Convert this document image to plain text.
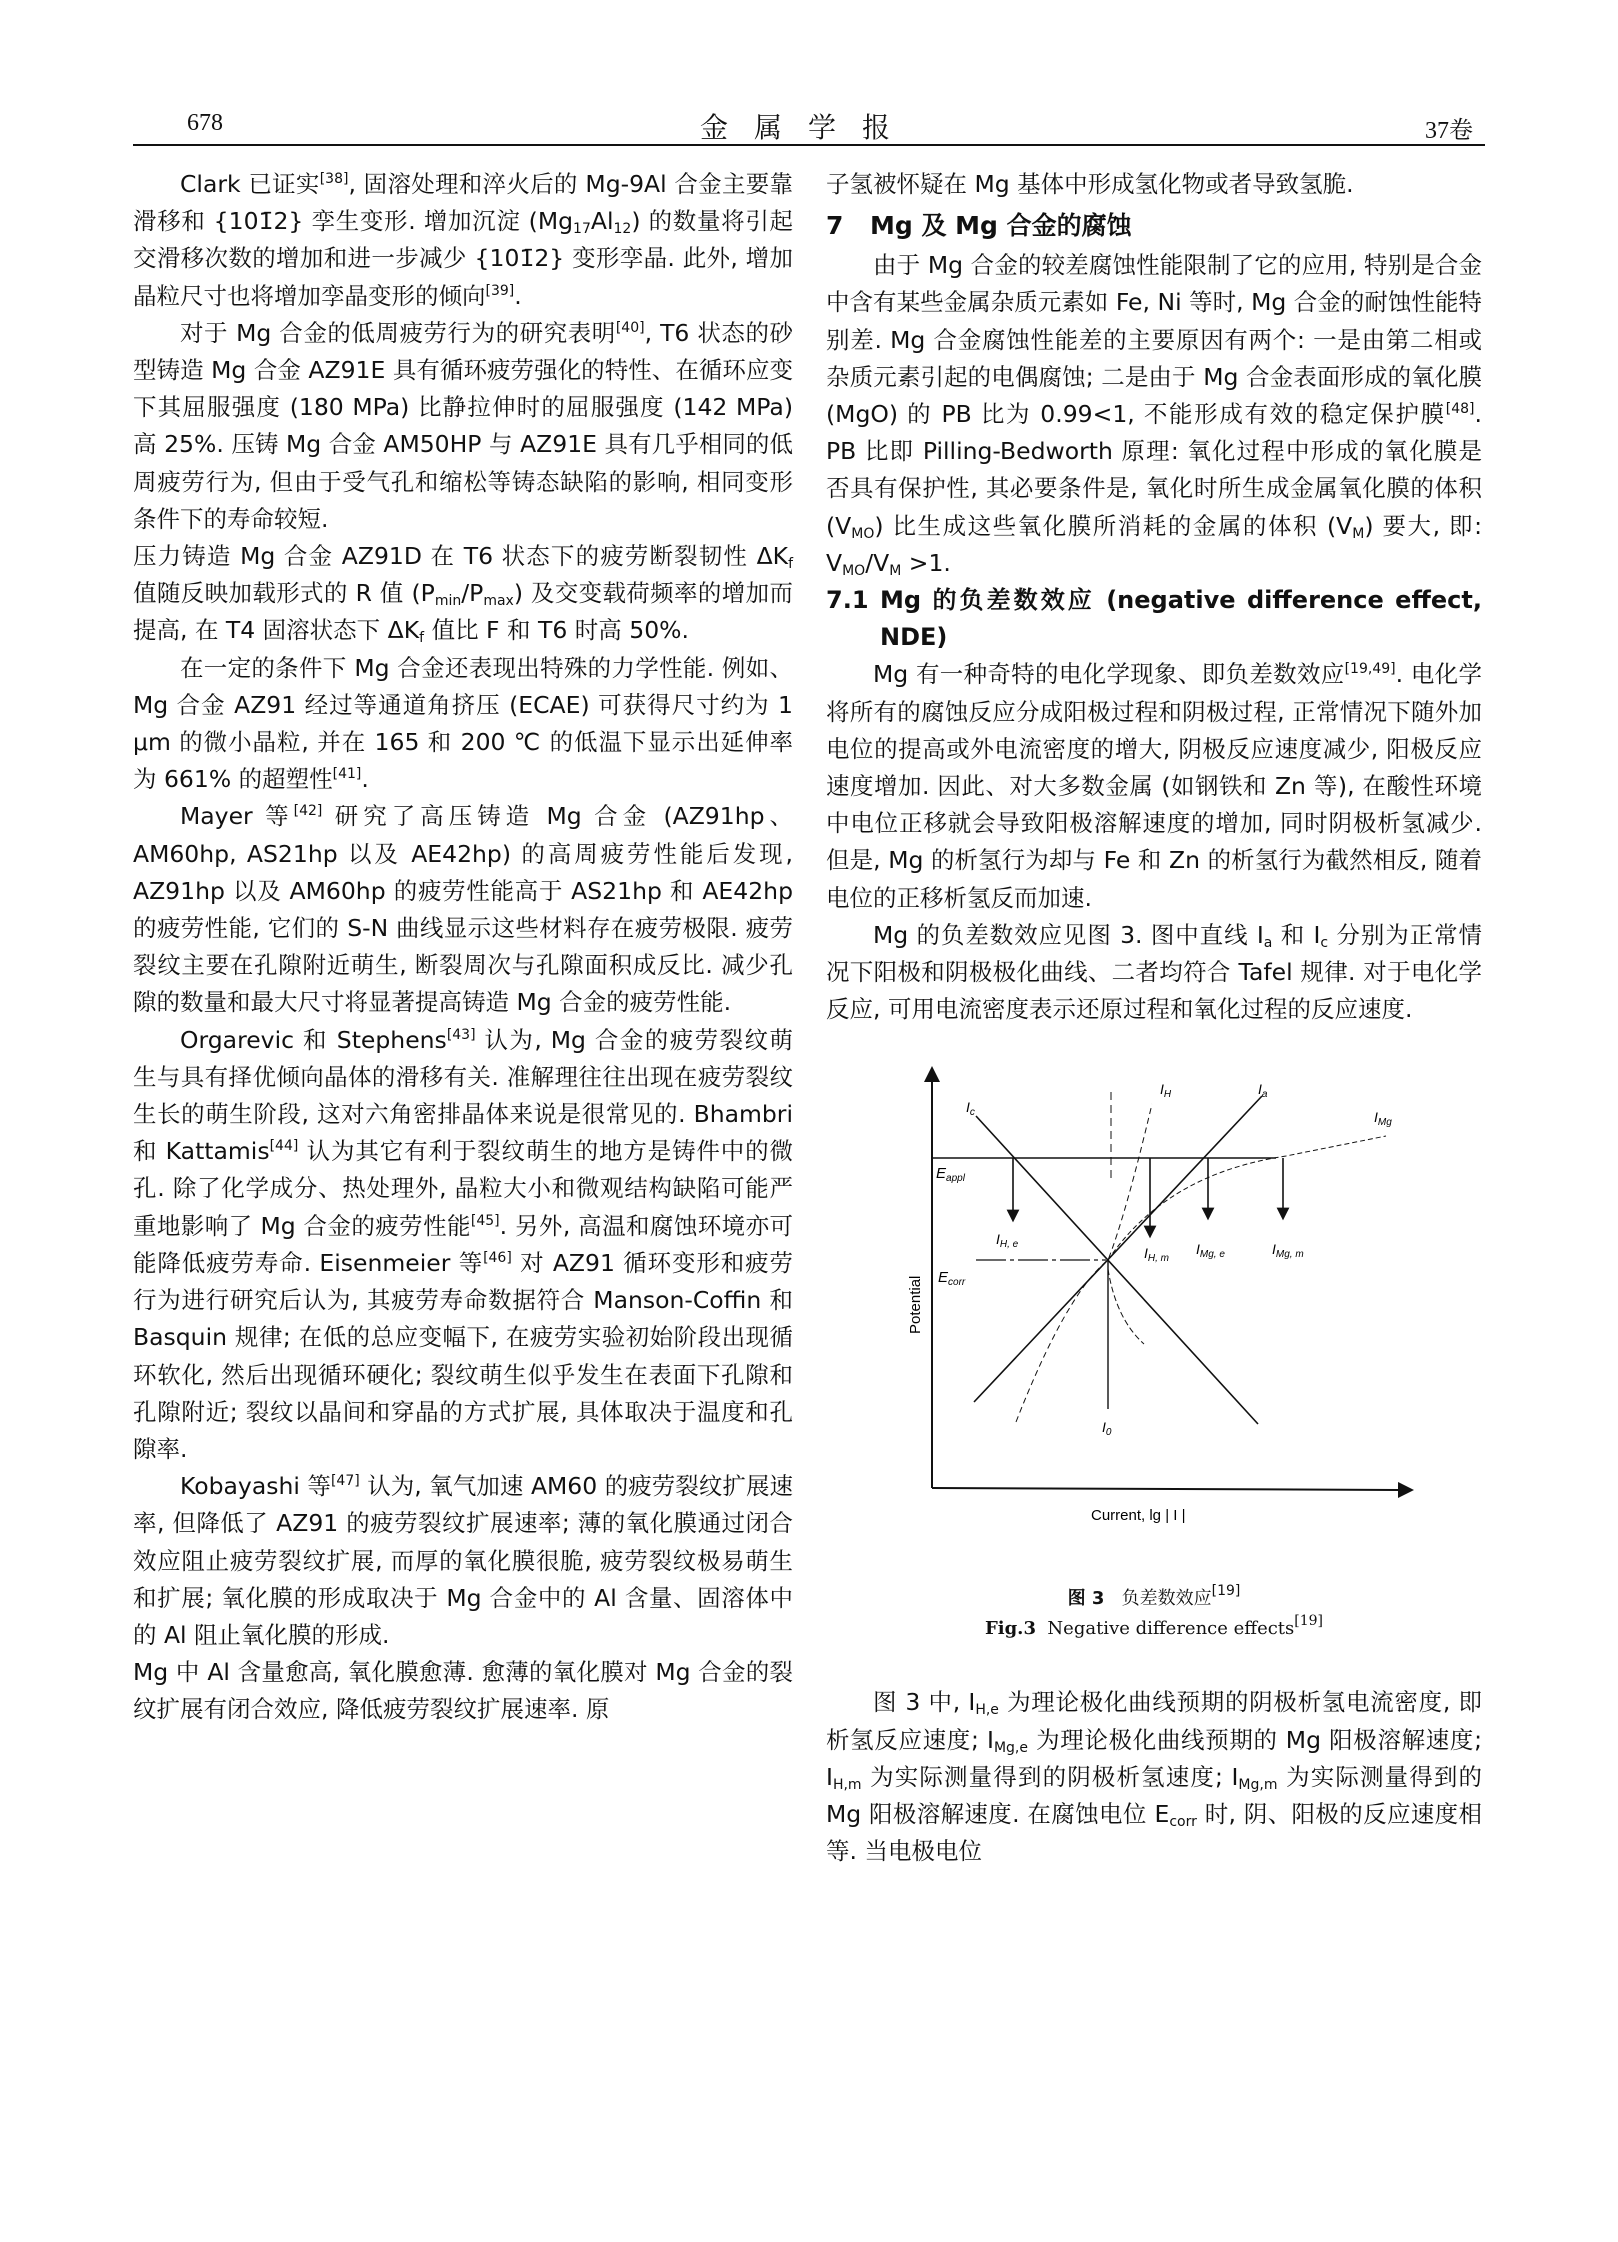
678	金属学报	37卷

Clark 已证实[38], 固溶处理和淬火后的 Mg-9Al 合金主要靠滑移和 {101̄2} 孪生变形. 增加沉淀 $(Mg_{17}Al_{12})$ 的数量将引起交滑移次数的增加和进一步减少 {101̄2} 变形孪晶. 此外, 增加晶粒尺寸也将增加孪晶变形的倾向[39].

对于 Mg 合金的低周疲劳行为的研究表明[40], T6 状态的砂型铸造 Mg 合金 AZ91E 具有循环疲劳强化的特性、在循环应变下其屈服强度 (180 MPa) 比静拉伸时的屈服强度 (142 MPa) 高 25%. 压铸 Mg 合金 AM50HP 与 AZ91E 具有几乎相同的低周疲劳行为, 但由于受气孔和缩松等铸态缺陷的影响, 相同变形条件下的寿命较短.

压力铸造 Mg 合金 AZ91D 在 T6 状态下的疲劳断裂韧性 $\Delta K_f$ 值随反映加载形式的 R 值 $(P_{min}/P_{max})$ 及交变载荷频率的增加而提高, 在 T4 固溶状态下 $\Delta K_f$ 值比 F 和 T6 时高 50%.

在一定的条件下 Mg 合金还表现出特殊的力学性能. 例如、 Mg 合金 AZ91 经过等通道角挤压 (ECAE) 可获得尺寸约为 1 μm 的微小晶粒, 并在 165 和 200 ℃ 的低温下显示出延伸率为 661% 的超塑性[41].

Mayer 等[42] 研究了高压铸造 Mg 合金 (AZ91hp、AM60hp, AS21hp 以及 AE42hp) 的高周疲劳性能后发现, AZ91hp 以及 AM60hp 的疲劳性能高于 AS21hp 和 AE42hp 的疲劳性能, 它们的 S-N 曲线显示这些材料存在疲劳极限. 疲劳裂纹主要在孔隙附近萌生, 断裂周次与孔隙面积成反比. 减少孔隙的数量和最大尺寸将显著提高铸造 Mg 合金的疲劳性能.

Orgarevic 和 Stephens[43] 认为, Mg 合金的疲劳裂纹萌生与具有择优倾向晶体的滑移有关. 准解理往往出现在疲劳裂纹生长的萌生阶段, 这对六角密排晶体来说是很常见的. Bhambri 和 Kattamis[44] 认为其它有利于裂纹萌生的地方是铸件中的微孔. 除了化学成分、热处理外, 晶粒大小和微观结构缺陷可能严重地影响了 Mg 合金的疲劳性能[45]. 另外, 高温和腐蚀环境亦可能降低疲劳寿命. Eisenmeier 等[46] 对 AZ91 循环变形和疲劳行为进行研究后认为, 其疲劳寿命数据符合 Manson-Coffin 和 Basquin 规律; 在低的总应变幅下, 在疲劳实验初始阶段出现循环软化, 然后出现循环硬化; 裂纹萌生似乎发生在表面下孔隙和孔隙附近; 裂纹以晶间和穿晶的方式扩展, 具体取决于温度和孔隙率.

Kobayashi 等[47] 认为, 氧气加速 AM60 的疲劳裂纹扩展速率, 但降低了 AZ91 的疲劳裂纹扩展速率; 薄的氧化膜通过闭合效应阻止疲劳裂纹扩展, 而厚的氧化膜很脆, 疲劳裂纹极易萌生和扩展; 氧化膜的形成取决于 Mg 合金中的 Al 含量、固溶体中的 Al 阻止氧化膜的形成.

Mg 中 Al 含量愈高, 氧化膜愈薄. 愈薄的氧化膜对 Mg 合金的裂纹扩展有闭合效应, 降低疲劳裂纹扩展速率. 原

子氢被怀疑在 Mg 基体中形成氢化物或者导致氢脆.

7 Mg 及 Mg 合金的腐蚀

由于 Mg 合金的较差腐蚀性能限制了它的应用, 特别是合金中含有某些金属杂质元素如 Fe, Ni 等时, Mg 合金的耐蚀性能特别差. Mg 合金腐蚀性能差的主要原因有两个: 一是由第二相或杂质元素引起的电偶腐蚀; 二是由于 Mg 合金表面形成的氧化膜 (MgO) 的 PB 比为 0.99<1, 不能形成有效的稳定保护膜[48]. PB 比即 Pilling-Bedworth 原理: 氧化过程中形成的氧化膜是否具有保护性, 其必要条件是, 氧化时所生成金属氧化膜的体积 $(V_{MO})$ 比生成这些氧化膜所消耗的金属的体积 $(V_M)$ 要大, 即: $V_{MO}/V_M >1$.

7.1 Mg 的负差数效应 (negative difference effect, NDE)

Mg 有一种奇特的电化学现象、即负差数效应[19,49]. 电化学将所有的腐蚀反应分成阳极过程和阴极过程, 正常情况下随外加电位的提高或外电流密度的增大, 阴极反应速度减少, 阳极反应速度增加. 因此、对大多数金属 (如钢铁和 Zn 等), 在酸性环境中电位正移就会导致阳极溶解速度的增加, 同时阴极析氢减少. 但是, Mg 的析氢行为却与 Fe 和 Zn 的析氢行为截然相反, 随着电位的正移析氢反而加速.

Mg 的负差数效应见图 3. 图中直线 $I_a$ 和 $I_c$ 分别为正常情况下阳极和阴极极化曲线、二者均符合 Tafel 规律. 对于电化学反应, 可用电流密度表示还原过程和氧化过程的反应速度.

$I_c$
$I_H$	$I_a$
$I_{Mg}$
$E_{appl}$
$E_{corr}$
$I_{H, e}$
$I_{H, m}$
$I_{Mg, e}$	$I_{Mg, m}$
$I_0$
Potential
Current, lg | I |
图 3 负差数效应[19]
Fig.3 Negative difference effects[19]

图 3 中, $I_{H,e}$ 为理论极化曲线预期的阴极析氢电流密度, 即析氢反应速度; $I_{Mg,e}$ 为理论极化曲线预期的 Mg 阳极溶解速度; $I_{H,m}$ 为实际测量得到的阴极析氢速度; $I_{Mg,m}$ 为实际测量得到的 Mg 阳极溶解速度. 在腐蚀电位 $E_{corr}$ 时, 阴、阳极的反应速度相等. 当电极电位
